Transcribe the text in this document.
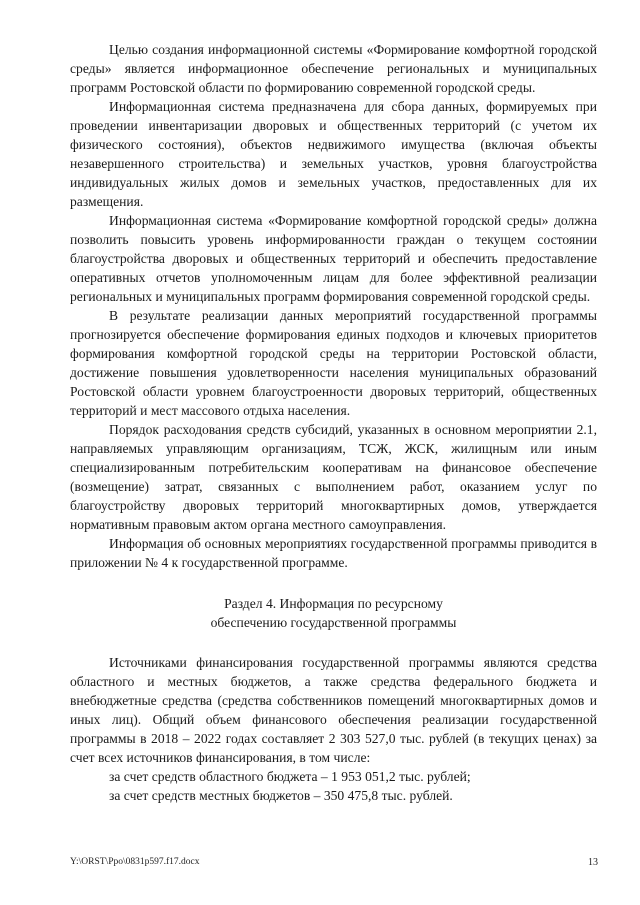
Целью создания информационной системы «Формирование комфортной городской среды» является информационное обеспечение региональных и муниципальных программ Ростовской области по формированию современной городской среды.

Информационная система предназначена для сбора данных, формируемых при проведении инвентаризации дворовых и общественных территорий (с учетом их физического состояния), объектов недвижимого имущества (включая объекты незавершенного строительства) и земельных участков, уровня благоустройства индивидуальных жилых домов и земельных участков, предоставленных для их размещения.

Информационная система «Формирование комфортной городской среды» должна позволить повысить уровень информированности граждан о текущем состоянии благоустройства дворовых и общественных территорий и обеспечить предоставление оперативных отчетов уполномоченным лицам для более эффективной реализации региональных и муниципальных программ формирования современной городской среды.

В результате реализации данных мероприятий государственной программы прогнозируется обеспечение формирования единых подходов и ключевых приоритетов формирования комфортной городской среды на территории Ростовской области, достижение повышения удовлетворенности населения муниципальных образований Ростовской области уровнем благоустроенности дворовых территорий, общественных территорий и мест массового отдыха населения.

Порядок расходования средств субсидий, указанных в основном мероприятии 2.1, направляемых управляющим организациям, ТСЖ, ЖСК, жилищным или иным специализированным потребительским кооперативам на финансовое обеспечение (возмещение) затрат, связанных с выполнением работ, оказанием услуг по благоустройству дворовых территорий многоквартирных домов, утверждается нормативным правовым актом органа местного самоуправления.

Информация об основных мероприятиях государственной программы приводится в приложении № 4 к государственной программе.

Раздел 4. Информация по ресурсному
обеспечению государственной программы

Источниками финансирования государственной программы являются средства областного и местных бюджетов, а также средства федерального бюджета и внебюджетные средства (средства собственников помещений многоквартирных домов и иных лиц). Общий объем финансового обеспечения реализации государственной программы в 2018 – 2022 годах составляет 2 303 527,0 тыс. рублей (в текущих ценах) за счет всех источников финансирования, в том числе:

за счет средств областного бюджета – 1 953 051,2 тыс. рублей;

за счет средств местных бюджетов – 350 475,8 тыс. рублей.

Y:\ORST\Ppo\0831p597.f17.docx	13
